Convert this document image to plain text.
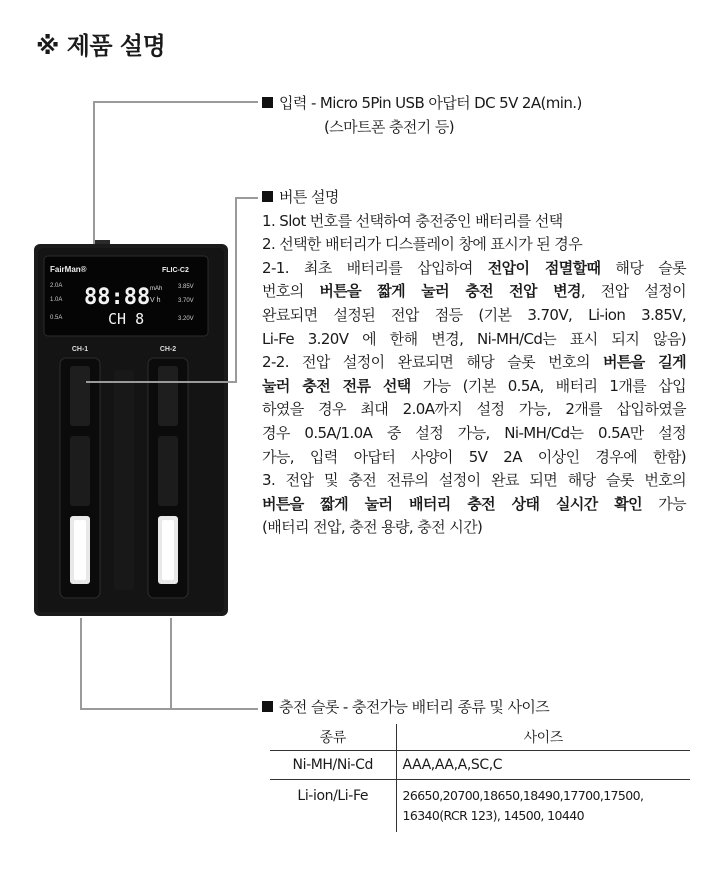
※ 제품 설명
FairMan®	FLIC-C2
2.0A
1.0A
0.5A
88:88 mAh
V h
3.85V
3.70V
3.20V
CH 8
CH-1	CH-2

입력 - Micro 5Pin USB 아답터 DC 5V 2A(min.)

(스마트폰 충전기 등)

버튼 설명

1. Slot 번호를 선택하여 충전중인 배터리를 선택

2. 선택한 배터리가 디스플레이 창에 표시가 된 경우

2-1. 최초 배터리를 삽입하여 전압이 점멸할때 해당 슬롯

번호의 버튼을 짧게 눌러 충전 전압 변경, 전압 설정이

완료되면 설정된 전압 점등 (기본 3.70V, Li-ion 3.85V,

Li-Fe 3.20V 에 한해 변경, Ni-MH/Cd는 표시 되지 않음)

2-2. 전압 설정이 완료되면 해당 슬롯 번호의 버튼을 길게

눌러 충전 전류 선택 가능 (기본 0.5A, 배터리 1개를 삽입

하였을 경우 최대 2.0A까지 설정 가능, 2개를 삽입하였을

경우 0.5A/1.0A 중 설정 가능, Ni-MH/Cd는 0.5A만 설정

가능, 입력 아답터 사양이 5V 2A 이상인 경우에 한함)

3. 전압 및 충전 전류의 설정이 완료 되면 해당 슬롯 번호의

버튼을 짧게 눌러 배터리 충전 상태 실시간 확인 가능

(배터리 전압, 충전 용량, 충전 시간)

충전 슬롯 - 충전가능 배터리 종류 및 사이즈

종류	사이즈
Ni-MH/Ni-Cd	AAA,AA,A,SC,C
Li-ion/Li-Fe	26650,20700,18650,18490,17700,17500,
16340(RCR 123), 14500, 10440
